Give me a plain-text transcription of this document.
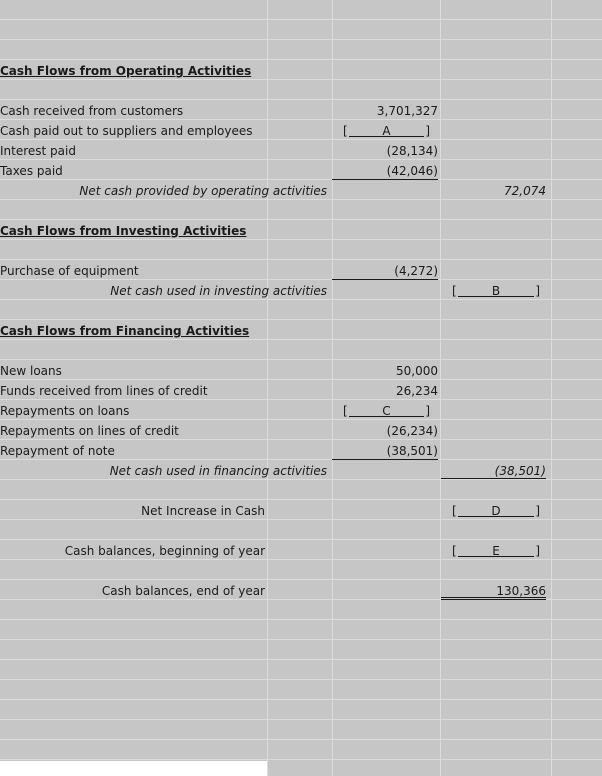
Cash Flows from Operating Activities
Cash received from customers	3,701,327
Cash paid out to suppliers and employees	[	A	]
Interest paid	(28,134)
Taxes paid	(42,046)
Net cash provided by operating activities	72,074
Cash Flows from Investing Activities
Purchase of equipment	(4,272)
Net cash used in investing activities	[	B	]
Cash Flows from Financing Activities
New loans	50,000
Funds received from lines of credit	26,234
Repayments on loans	[	C	]
Repayments on lines of credit	(26,234)
Repayment of note	(38,501)
Net cash used in financing activities	(38,501)
Net Increase in Cash	[	D	]
Cash balances, beginning of year	[	E	]
Cash balances, end of year	130,366
